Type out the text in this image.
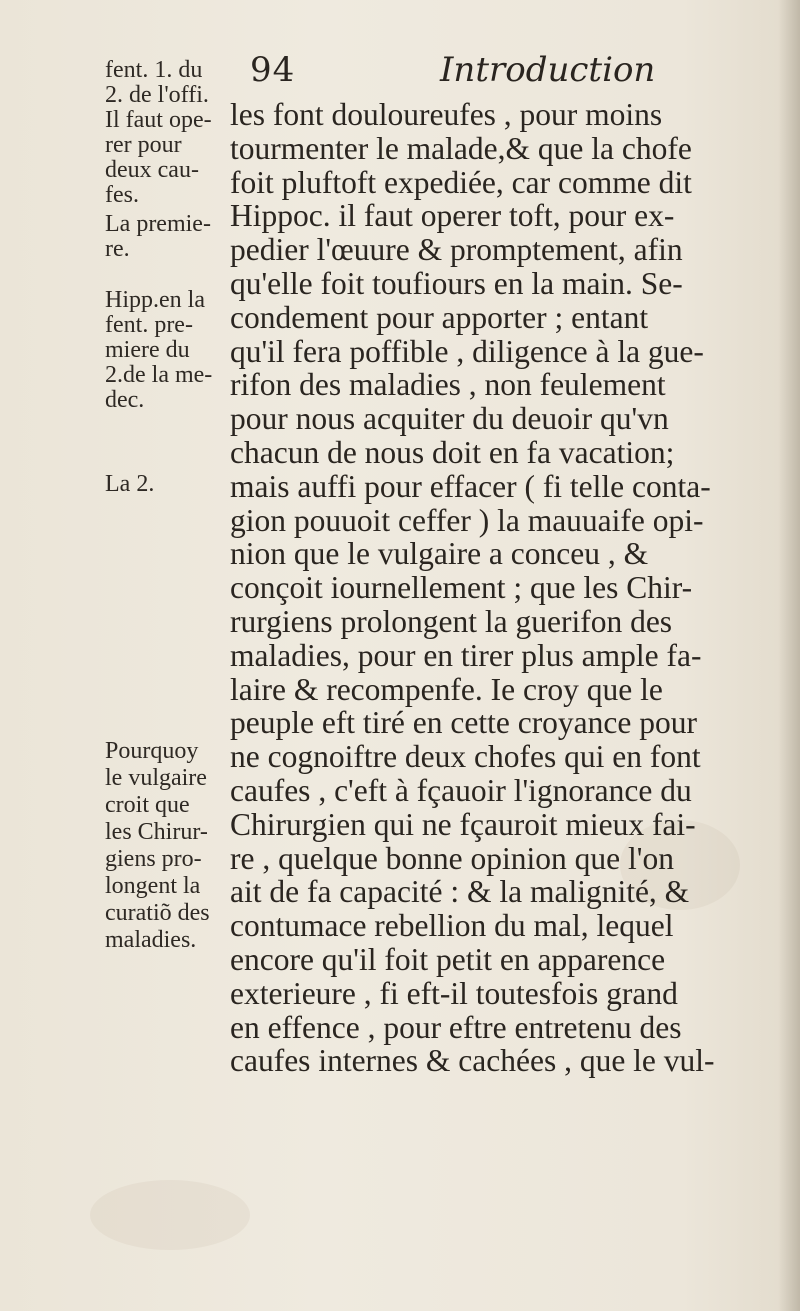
94	Introduction
fent. 1. du
2. de l'offi.
Il faut ope-
rer pour
deux cau-
fes.
La premie-
re.
Hipp.en la
fent. pre-
miere du
2.de la me-
dec.
La 2.
Pourquoy
le vulgaire
croit que
les Chirur-
giens pro-
longent la
curatiõ des
maladies.
les font douloureufes , pour moins
tourmenter le malade,& que la chofe
foit pluftoft expediée, car comme dit
Hippoc. il faut operer toft, pour ex-
pedier l'œuure & promptement, afin
qu'elle foit toufiours en la main. Se-
condement pour apporter ; entant
qu'il fera poffible , diligence à la gue-
rifon des maladies , non feulement
pour nous acquiter du deuoir qu'vn
chacun de nous doit en fa vacation;
mais auffi pour effacer ( fi telle conta-
gion pouuoit ceffer ) la mauuaife opi-
nion que le vulgaire a conceu , &
conçoit iournellement ; que les Chir-
rurgiens prolongent la guerifon des
maladies, pour en tirer plus ample fa-
laire & recompenfe. Ie croy que le
peuple eft tiré en cette croyance pour
ne cognoiftre deux chofes qui en font
caufes , c'eft à fçauoir l'ignorance du
Chirurgien qui ne fçauroit mieux fai-
re , quelque bonne opinion que l'on
ait de fa capacité : & la malignité, &
contumace rebellion du mal, lequel
encore qu'il foit petit en apparence
exterieure , fi eft-il toutesfois grand
en effence , pour eftre entretenu des
caufes internes & cachées , que le vul-
